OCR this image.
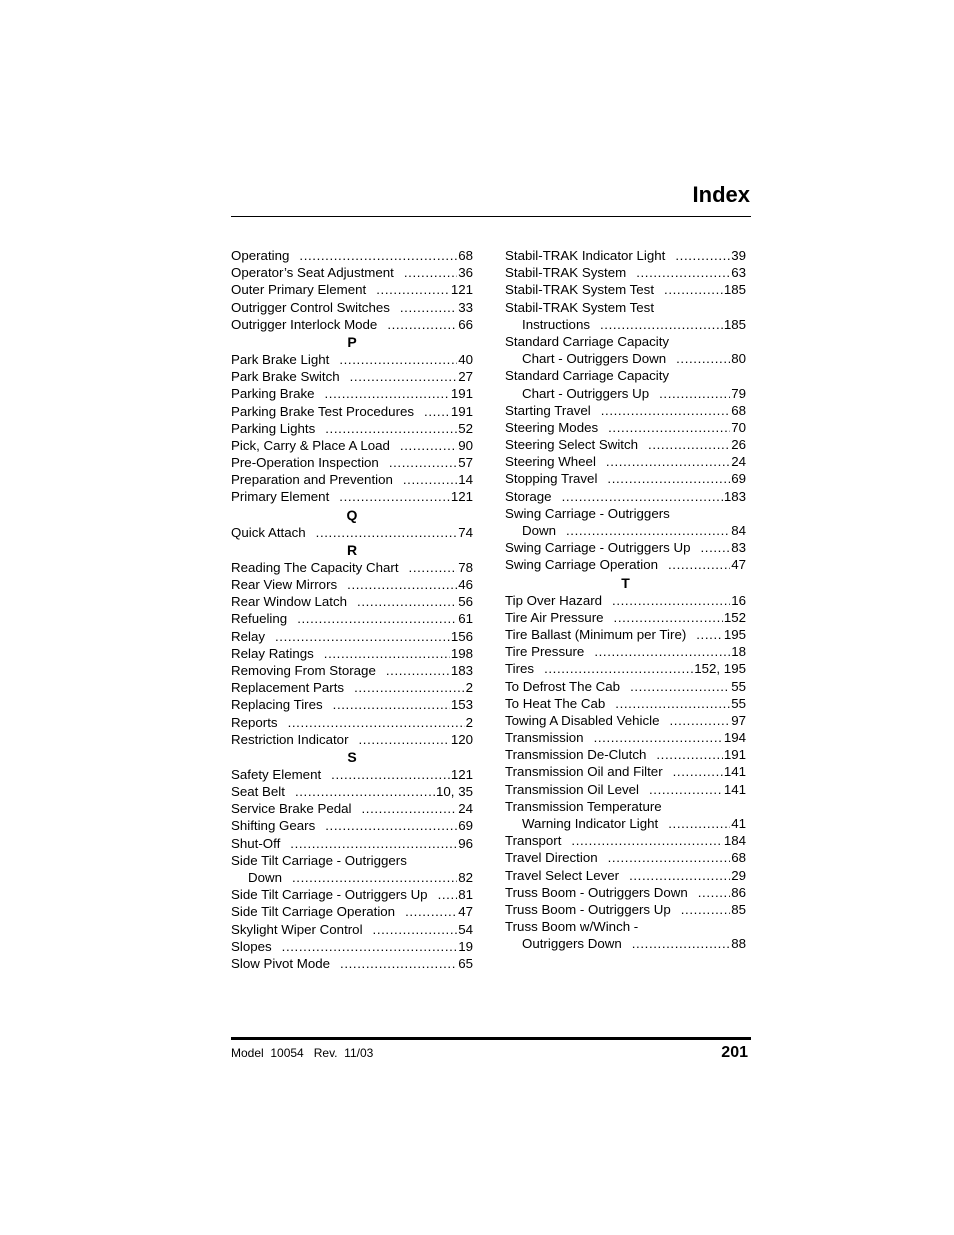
Index
Operating .....	68
Operator’s Seat Adjustment .....	36
Outer Primary Element .....	121
Outrigger Control Switches .....	33
Outrigger Interlock Mode .....	66
P
Park Brake Light .....	40
Park Brake Switch .....	27
Parking Brake .....	191
Parking Brake Test Procedures .....	191
Parking Lights .....	52
Pick, Carry & Place A Load .....	90
Pre-Operation Inspection .....	57
Preparation and Prevention .....	14
Primary Element .....	121
Q
Quick Attach .....	74
R
Reading The Capacity Chart .....	78
Rear View Mirrors .....	46
Rear Window Latch .....	56
Refueling .....	61
Relay .....	156
Relay Ratings .....	198
Removing From Storage .....	183
Replacement Parts .....	2
Replacing Tires .....	153
Reports .....	2
Restriction Indicator .....	120
S
Safety Element .....	121
Seat Belt .....	10, 35
Service Brake Pedal .....	24
Shifting Gears .....	69
Shut-Off .....	96
Side Tilt Carriage - Outriggers
Down .....	82
Side Tilt Carriage - Outriggers Up ..... 81
Side Tilt Carriage Operation .....	47
Skylight Wiper Control .....	54
Slopes .....	19
Slow Pivot Mode .....	65
Stabil-TRAK Indicator Light .....	39
Stabil-TRAK System .....	63
Stabil-TRAK System Test .....	185
Stabil-TRAK System Test
Instructions .....	185
Standard Carriage Capacity
Chart - Outriggers Down .....	80
Standard Carriage Capacity
Chart - Outriggers Up .....	79
Starting Travel .....	68
Steering Modes .....	70
Steering Select Switch .....	26
Steering Wheel .....	24
Stopping Travel .....	69
Storage .....	183
Swing Carriage - Outriggers
Down .....	84
Swing Carriage - Outriggers Up .....	83
Swing Carriage Operation .....	47
T
Tip Over Hazard .....	16
Tire Air Pressure .....	152
Tire Ballast (Minimum per Tire) .....	195
Tire Pressure .....	18
Tires .....	152, 195
To Defrost The Cab .....	55
To Heat The Cab .....	55
Towing A Disabled Vehicle .....	97
Transmission .....	194
Transmission De-Clutch .....	191
Transmission Oil and Filter .....	141
Transmission Oil Level .....	141
Transmission Temperature
Warning Indicator Light .....	41
Transport .....	184
Travel Direction .....	68
Travel Select Lever .....	29
Truss Boom - Outriggers Down .....	86
Truss Boom - Outriggers Up .....	85
Truss Boom w/Winch -
Outriggers Down .....	88
Model  10054   Rev.  11/03	201
